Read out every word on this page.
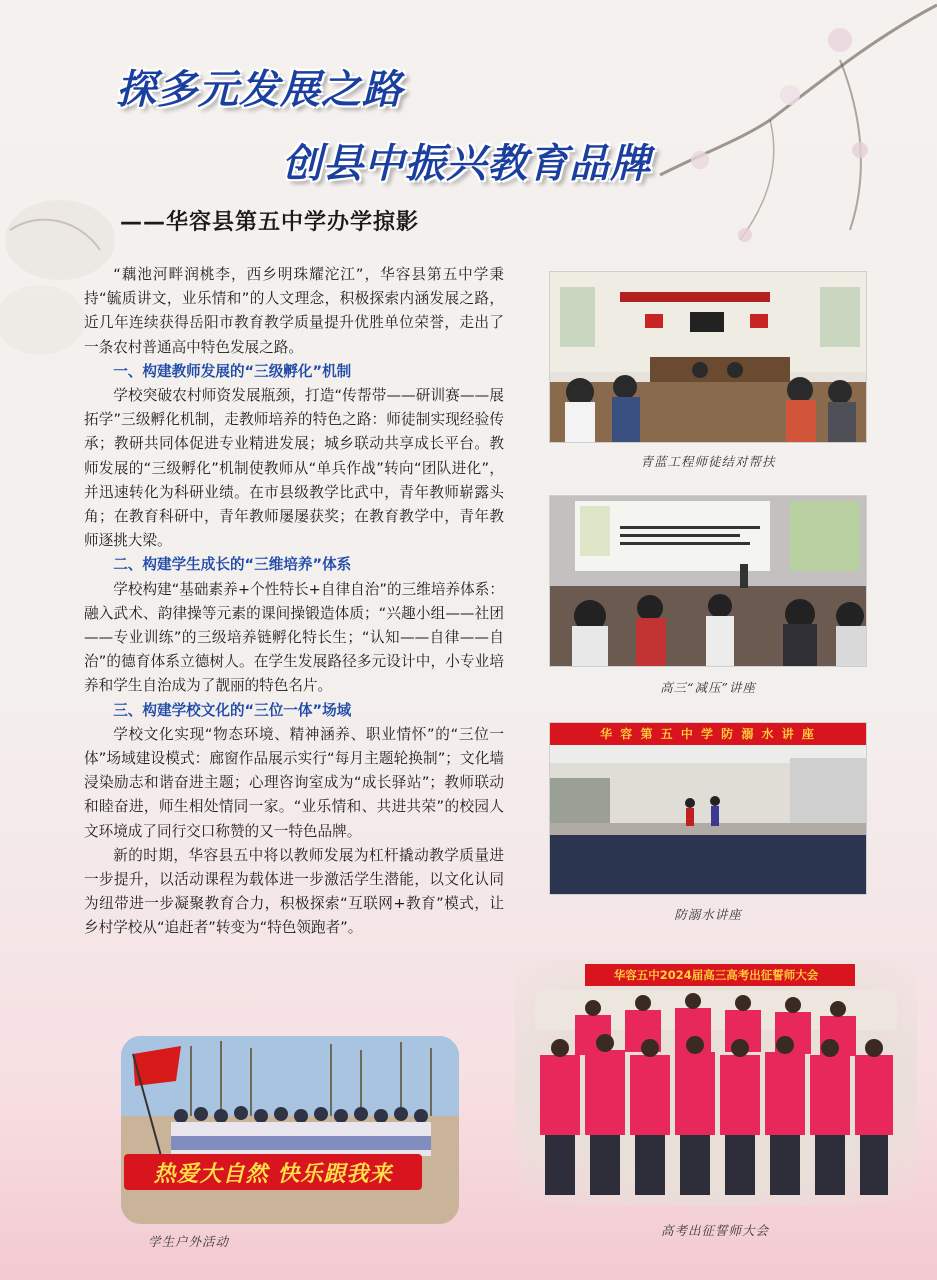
探多元发展之路
创县中振兴教育品牌
——华容县第五中学办学掠影

“藕池河畔润桃李，西乡明珠耀沱江”，华容县第五中学秉持“毓质讲文，业乐情和”的人文理念，积极探索内涵发展之路，近几年连续获得岳阳市教育教学质量提升优胜单位荣誉，走出了一条农村普通高中特色发展之路。

一、构建教师发展的“三级孵化”机制

学校突破农村师资发展瓶颈，打造“传帮带——研训赛——展拓学”三级孵化机制，走教师培养的特色之路：师徒制实现经验传承；教研共同体促进专业精进发展；城乡联动共享成长平台。教师发展的“三级孵化”机制使教师从“单兵作战”转向“团队进化”，并迅速转化为科研业绩。在市县级教学比武中，青年教师崭露头角；在教育科研中，青年教师屡屡获奖；在教育教学中，青年教师逐挑大梁。

二、构建学生成长的“三维培养”体系

学校构建“基础素养+个性特长+自律自治”的三维培养体系：融入武术、韵律操等元素的课间操锻造体质；“兴趣小组——社团——专业训练”的三级培养链孵化特长生；“认知——自律——自治”的德育体系立德树人。在学生发展路径多元设计中，小专业培养和学生自治成为了靓丽的特色名片。

三、构建学校文化的“三位一体”场域

学校文化实现“物态环境、精神涵养、职业情怀”的“三位一体”场域建设模式：廊窗作品展示实行“每月主题轮换制”；文化墙浸染励志和谐奋进主题；心理咨询室成为“成长驿站”；教师联动和睦奋进，师生相处情同一家。“业乐情和、共进共荣”的校园人文环境成了同行交口称赞的又一特色品牌。

新的时期，华容县五中将以教师发展为杠杆撬动教学质量进一步提升，以活动课程为载体进一步激活学生潜能，以文化认同为纽带进一步凝聚教育合力，积极探索“互联网+教育”模式，让乡村学校从“追赶者”转变为“特色领跑者”。

青蓝工程师徒结对帮扶
高三“减压”讲座
华 容 第 五 中 学 防 溺 水 讲 座
防溺水讲座
华容五中2024届高三高考出征誓师大会
高考出征誓师大会
热爱大自然 快乐跟我来
学生户外活动
